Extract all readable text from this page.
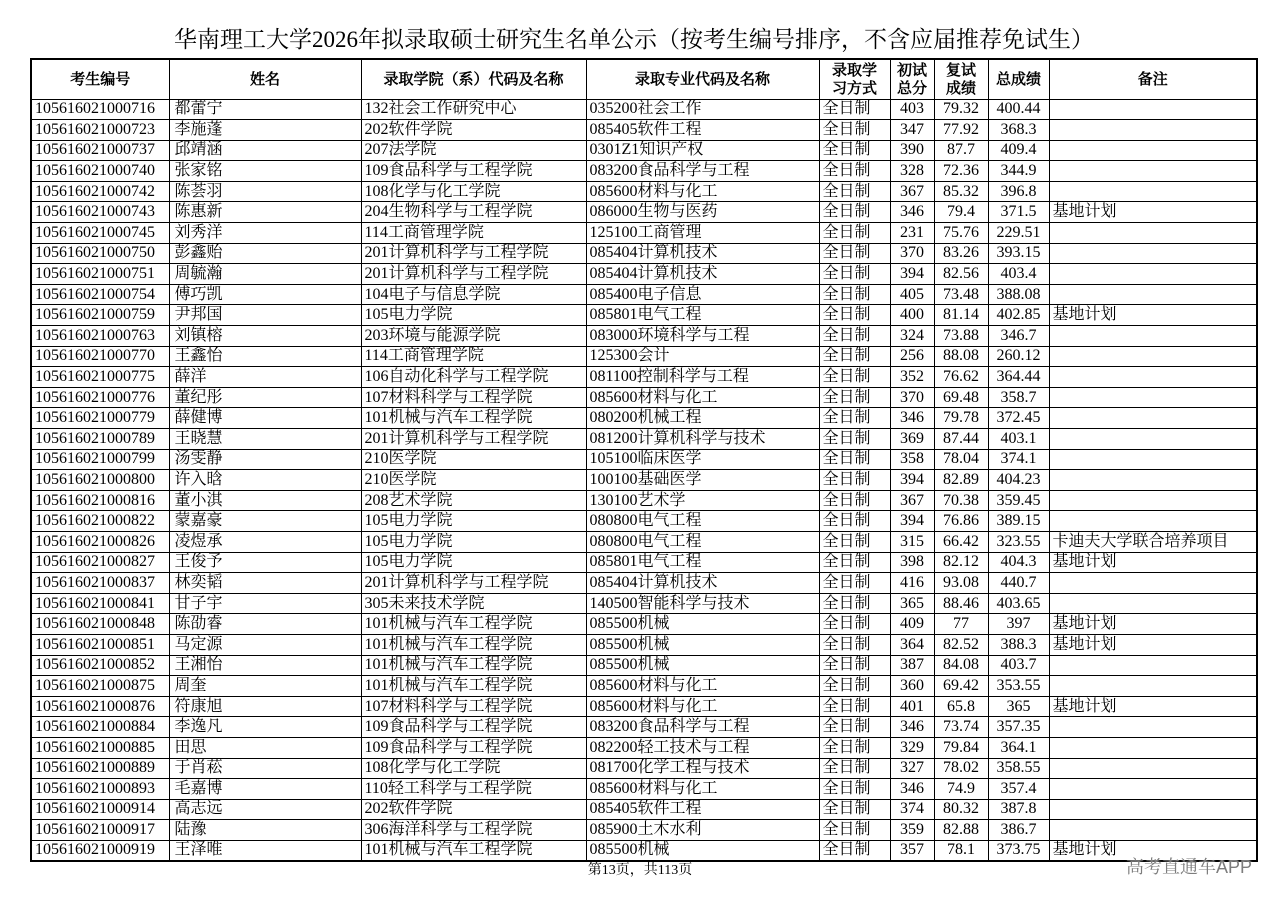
华南理工大学2026年拟录取硕士研究生名单公示（按考生编号排序，不含应届推荐免试生）
考生编号	姓名	录取学院（系）代码及名称	录取专业代码及名称	录取学习方式	初试总分	复试成绩	总成绩	备注
105616021000716	都蕾宁	132社会工作研究中心	035200社会工作	全日制	403	79.32	400.44	
105616021000723	李施蓬	202软件学院	085405软件工程	全日制	347	77.92	368.3	
105616021000737	邱靖涵	207法学院	0301Z1知识产权	全日制	390	87.7	409.4	
105616021000740	张家铭	109食品科学与工程学院	083200食品科学与工程	全日制	328	72.36	344.9	
105616021000742	陈荟羽	108化学与化工学院	085600材料与化工	全日制	367	85.32	396.8	
105616021000743	陈惠新	204生物科学与工程学院	086000生物与医药	全日制	346	79.4	371.5	基地计划
105616021000745	刘秀洋	114工商管理学院	125100工商管理	全日制	231	75.76	229.51	
105616021000750	彭鑫贻	201计算机科学与工程学院	085404计算机技术	全日制	370	83.26	393.15	
105616021000751	周毓瀚	201计算机科学与工程学院	085404计算机技术	全日制	394	82.56	403.4	
105616021000754	傅巧凯	104电子与信息学院	085400电子信息	全日制	405	73.48	388.08	
105616021000759	尹邦国	105电力学院	085801电气工程	全日制	400	81.14	402.85	基地计划
105616021000763	刘镇榕	203环境与能源学院	083000环境科学与工程	全日制	324	73.88	346.7	
105616021000770	王鑫怡	114工商管理学院	125300会计	全日制	256	88.08	260.12	
105616021000775	薛洋	106自动化科学与工程学院	081100控制科学与工程	全日制	352	76.62	364.44	
105616021000776	董纪彤	107材料科学与工程学院	085600材料与化工	全日制	370	69.48	358.7	
105616021000779	薛健博	101机械与汽车工程学院	080200机械工程	全日制	346	79.78	372.45	
105616021000789	王晓慧	201计算机科学与工程学院	081200计算机科学与技术	全日制	369	87.44	403.1	
105616021000799	汤雯静	210医学院	105100临床医学	全日制	358	78.04	374.1	
105616021000800	许入晗	210医学院	100100基础医学	全日制	394	82.89	404.23	
105616021000816	董小淇	208艺术学院	130100艺术学	全日制	367	70.38	359.45	
105616021000822	蒙嘉豪	105电力学院	080800电气工程	全日制	394	76.86	389.15	
105616021000826	凌煜承	105电力学院	080800电气工程	全日制	315	66.42	323.55	卡迪夫大学联合培养项目
105616021000827	王俊予	105电力学院	085801电气工程	全日制	398	82.12	404.3	基地计划
105616021000837	林奕韬	201计算机科学与工程学院	085404计算机技术	全日制	416	93.08	440.7	
105616021000841	甘子宇	305未来技术学院	140500智能科学与技术	全日制	365	88.46	403.65	
105616021000848	陈劭睿	101机械与汽车工程学院	085500机械	全日制	409	77	397	基地计划
105616021000851	马定源	101机械与汽车工程学院	085500机械	全日制	364	82.52	388.3	基地计划
105616021000852	王湘怡	101机械与汽车工程学院	085500机械	全日制	387	84.08	403.7	
105616021000875	周奎	101机械与汽车工程学院	085600材料与化工	全日制	360	69.42	353.55	
105616021000876	符康旭	107材料科学与工程学院	085600材料与化工	全日制	401	65.8	365	基地计划
105616021000884	李逸凡	109食品科学与工程学院	083200食品科学与工程	全日制	346	73.74	357.35	
105616021000885	田思	109食品科学与工程学院	082200轻工技术与工程	全日制	329	79.84	364.1	
105616021000889	于肖菘	108化学与化工学院	081700化学工程与技术	全日制	327	78.02	358.55	
105616021000893	毛嘉博	110轻工科学与工程学院	085600材料与化工	全日制	346	74.9	357.4	
105616021000914	高志远	202软件学院	085405软件工程	全日制	374	80.32	387.8	
105616021000917	陆豫	306海洋科学与工程学院	085900土木水利	全日制	359	82.88	386.7	
105616021000919	王泽唯	101机械与汽车工程学院	085500机械	全日制	357	78.1	373.75	基地计划
第13页，共113页	高考直通车APP
